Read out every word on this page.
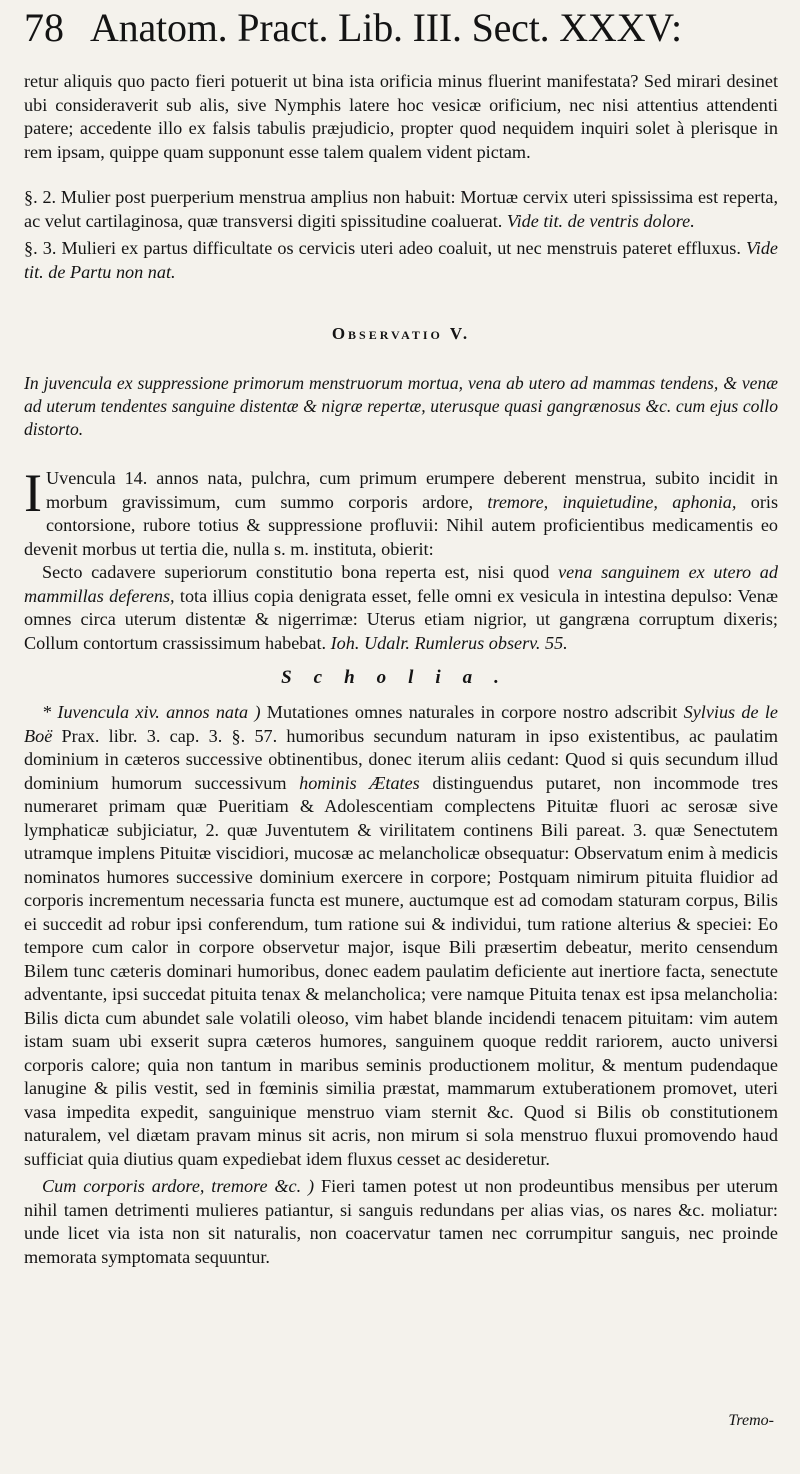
78 Anatom. Pract. Lib. III. Sect. XXXV:

retur aliquis quo pacto fieri potuerit ut bina ista orificia minus fluerint manifestata? Sed mirari desinet ubi consideraverit sub alis, sive Nymphis latere hoc vesicæ orificium, nec nisi attentius attendenti patere; accedente illo ex falsis tabulis præjudicio, propter quod nequidem inquiri solet à plerisque in rem ipsam, quippe quam supponunt esse talem qualem vident pictam.

§. 2. Mulier post puerperium menstrua amplius non habuit: Mortuæ cervix uteri spississima est reperta, ac velut cartilaginosa, quæ transversi digiti spissitudine coaluerat. Vide tit. de ventris dolore.

§. 3. Mulieri ex partus difficultate os cervicis uteri adeo coaluit, ut nec menstruis pateret effluxus. Vide tit. de Partu non nat.

Observatio V.

In juvencula ex suppressione primorum menstruorum mortua, vena ab utero ad mammas tendens, & venæ ad uterum tendentes sanguine distentæ & nigræ repertæ, uterusque quasi gangrænosus &c. cum ejus collo distorto.

I Uvencula 14. annos nata, pulchra, cum primum erumpere deberent menstrua, subito incidit in morbum gravissimum, cum summo corporis ardore, tremore, inquietudine, aphonia, oris contorsione, rubore totius & suppressione profluvii: Nihil autem proficientibus medicamentis eo devenit morbus ut tertia die, nulla s. m. instituta, obierit:

Secto cadavere superiorum constitutio bona reperta est, nisi quod vena sanguinem ex utero ad mammillas deferens, tota illius copia denigrata esset, felle omni ex vesicula in intestina depulso: Venæ omnes circa uterum distentæ & nigerrimæ: Uterus etiam nigrior, ut gangræna corruptum dixeris; Collum contortum crassissimum habebat. Ioh. Udalr. Rumlerus observ. 55.

Scholia.

* Iuvencula xiv. annos nata ) Mutationes omnes naturales in corpore nostro adscribit Sylvius de le Boë Prax. libr. 3. cap. 3. §. 57. humoribus secundum naturam in ipso existentibus, ac paulatim dominium in cæteros successive obtinentibus, donec iterum aliis cedant: Quod si quis secundum illud dominium humorum successivum hominis Ætates distinguendus putaret, non incommode tres numeraret primam quæ Pueritiam & Adolescentiam complectens Pituitæ fluori ac serosæ sive lymphaticæ subjiciatur, 2. quæ Juventutem & virilitatem continens Bili pareat. 3. quæ Senectutem utramque implens Pituitæ viscidiori, mucosæ ac melancholicæ obsequatur: Observatum enim à medicis nominatos humores successive dominium exercere in corpore; Postquam nimirum pituita fluidior ad corporis incrementum necessaria functa est munere, auctumque est ad comodam staturam corpus, Bilis ei succedit ad robur ipsi conferendum, tum ratione sui & individui, tum ratione alterius & speciei: Eo tempore cum calor in corpore observetur major, isque Bili præsertim debeatur, merito censendum Bilem tunc cæteris dominari humoribus, donec eadem paulatim deficiente aut inertiore facta, senectute adventante, ipsi succedat pituita tenax & melancholica; vere namque Pituita tenax est ipsa melancholia: Bilis dicta cum abundet sale volatili oleoso, vim habet blande incidendi tenacem pituitam: vim autem istam suam ubi exserit supra cæteros humores, sanguinem quoque reddit rariorem, aucto universi corporis calore; quia non tantum in maribus seminis productionem molitur, & mentum pudendaque lanugine & pilis vestit, sed in fœminis similia præstat, mammarum extuberationem promovet, uteri vasa impedita expedit, sanguinique menstruo viam sternit &c. Quod si Bilis ob constitutionem naturalem, vel diætam pravam minus sit acris, non mirum si sola menstruo fluxui promovendo haud sufficiat quia diutius quam expediebat idem fluxus cesset ac desideretur.

Cum corporis ardore, tremore &c. ) Fieri tamen potest ut non prodeuntibus mensibus per uterum nihil tamen detrimenti mulieres patiantur, si sanguis redundans per alias vias, os nares &c. moliatur: unde licet via ista non sit naturalis, non coacervatur tamen nec corrumpitur sanguis, nec proinde memorata symptomata sequuntur.

Tremo-
